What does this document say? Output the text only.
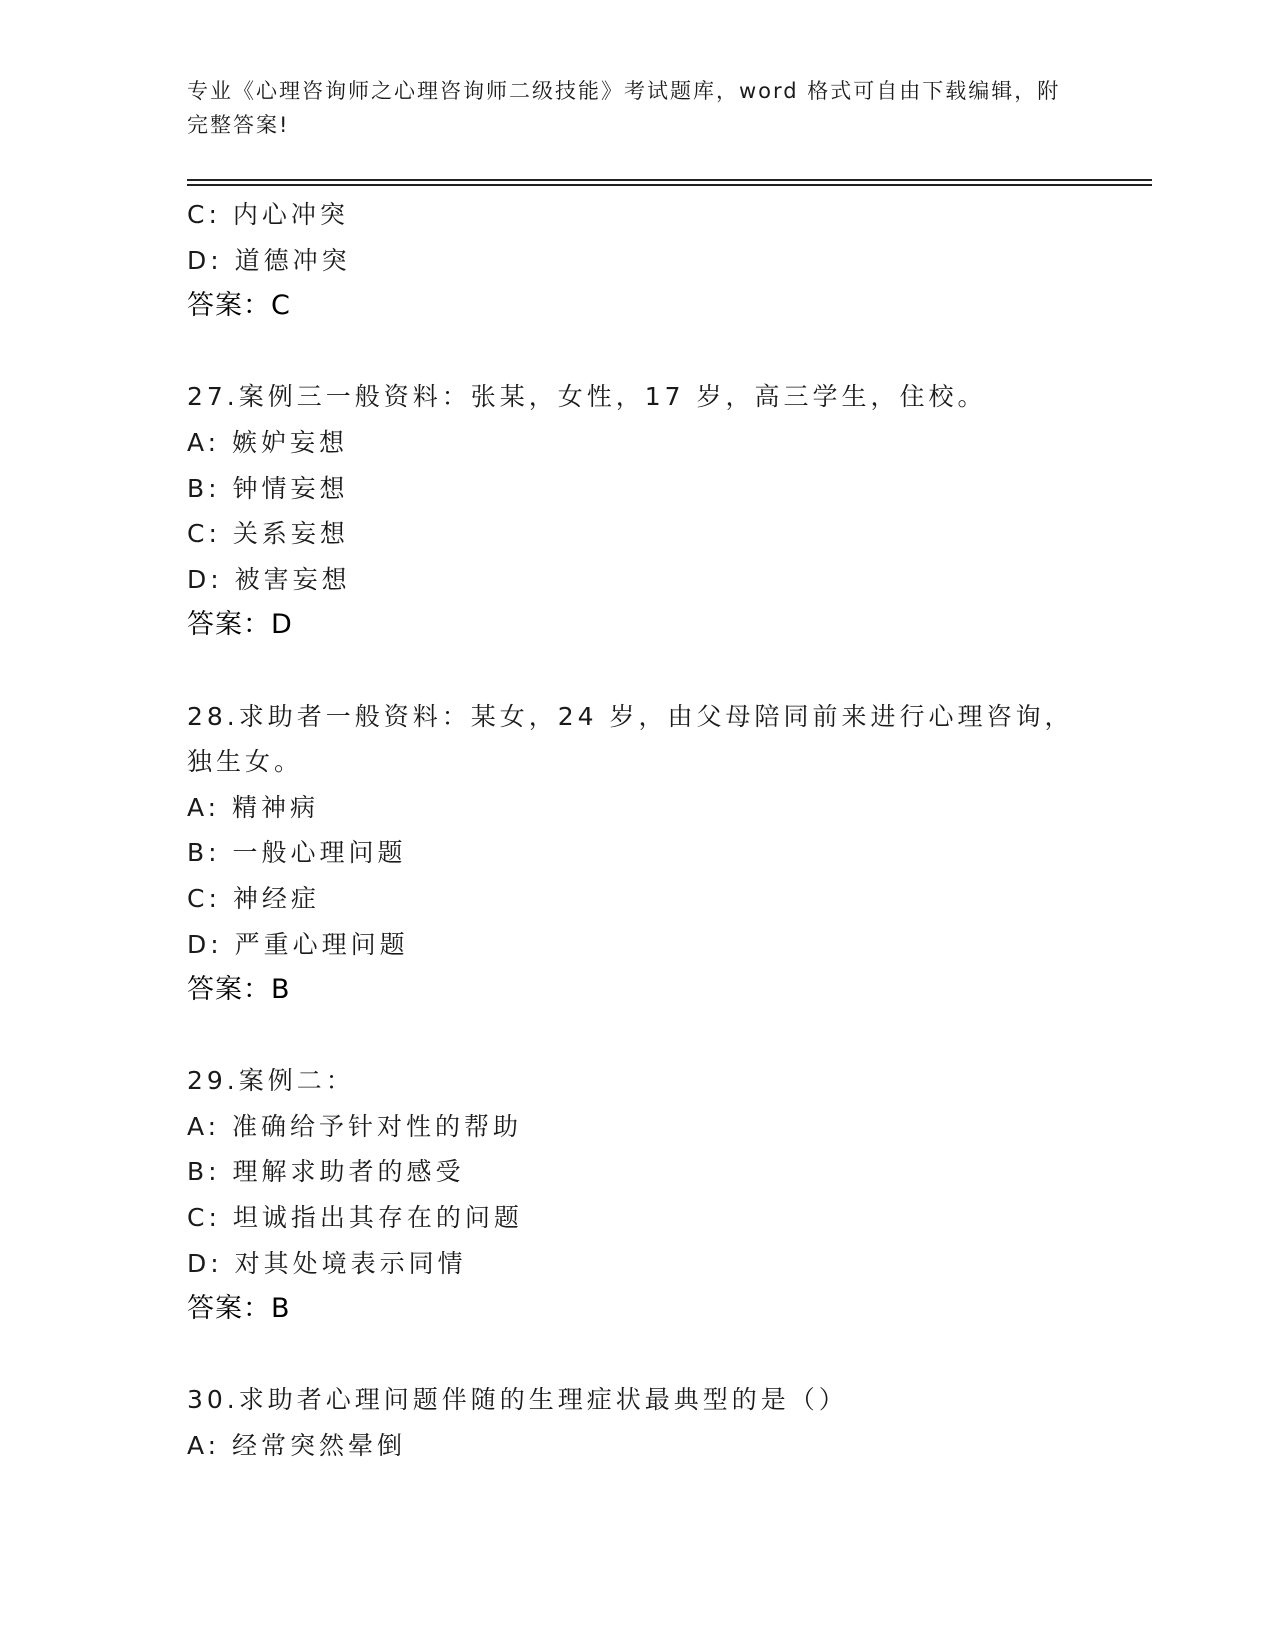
专业《心理咨询师之心理咨询师二级技能》考试题库，word 格式可自由下载编辑，附完整答案!
C: 内心冲突
D: 道德冲突
答案：C
27.案例三一般资料：张某，女性，17 岁，高三学生，住校。
A: 嫉妒妄想
B: 钟情妄想
C: 关系妄想
D: 被害妄想
答案：D
28.求助者一般资料：某女，24 岁，由父母陪同前来进行心理咨询，独生女。
A: 精神病
B: 一般心理问题
C: 神经症
D: 严重心理问题
答案：B
29.案例二：
A: 准确给予针对性的帮助
B: 理解求助者的感受
C: 坦诚指出其存在的问题
D: 对其处境表示同情
答案：B
30.求助者心理问题伴随的生理症状最典型的是（）
A: 经常突然晕倒
